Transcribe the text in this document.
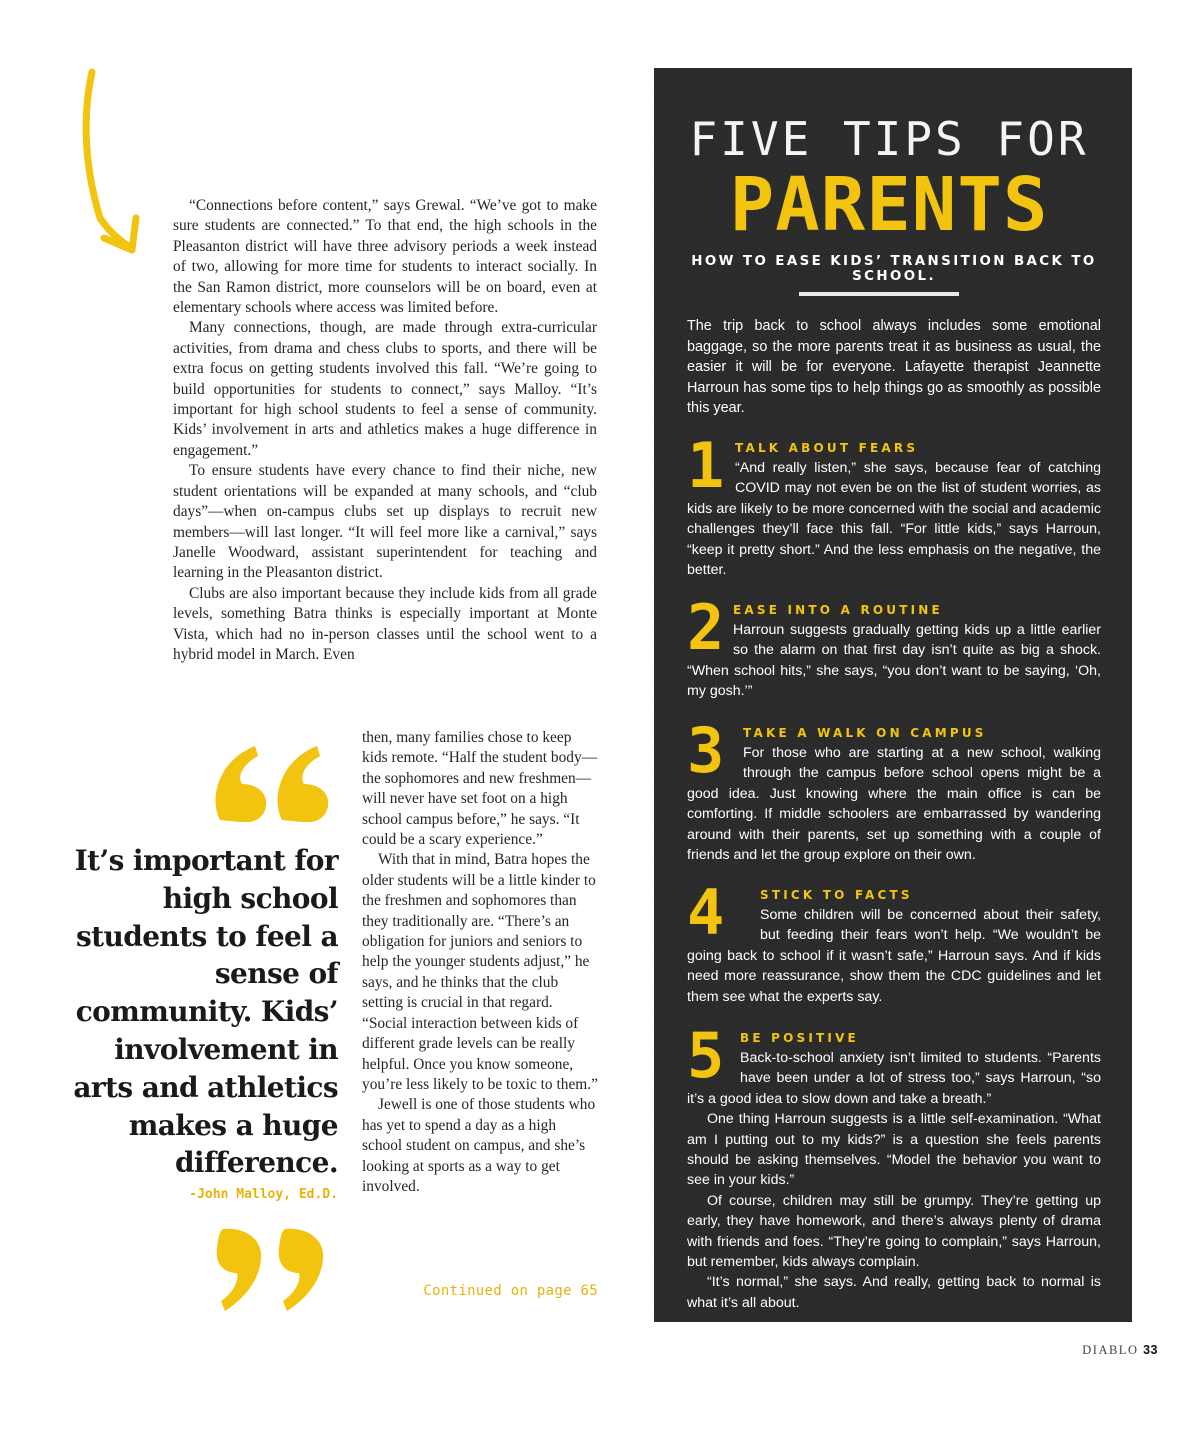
“Connections before content,” says Grewal. “We’ve got to make sure students are connected.” To that end, the high schools in the Pleasanton district will have three advisory periods a week instead of two, allowing for more time for students to interact socially. In the San Ramon district, more counselors will be on board, even at elementary schools where access was limited before.

Many connections, though, are made through extra-curricular activities, from drama and chess clubs to sports, and there will be extra focus on getting students involved this fall. “We’re going to build opportunities for students to connect,” says Malloy. “It’s important for high school students to feel a sense of community. Kids’ involvement in arts and athletics makes a huge difference in engagement.”

To ensure students have every chance to find their niche, new student orientations will be expanded at many schools, and “club days”—when on-campus clubs set up displays to recruit new members—will last longer. “It will feel more like a carnival,” says Janelle Woodward, assistant superintendent for teaching and learning in the Pleasanton district.

Clubs are also important because they include kids from all grade levels, something Batra thinks is especially important at Monte Vista, which had no in-person classes until the school went to a hybrid model in March. Even

then, many families chose to keep kids remote. “Half the student body—the sophomores and new freshmen—will never have set foot on a high school campus before,” he says. “It could be a scary experience.”

With that in mind, Batra hopes the older students will be a little kinder to the freshmen and sophomores than they traditionally are. “There’s an obligation for juniors and seniors to help the younger students adjust,” he says, and he thinks that the club setting is crucial in that regard. “Social interaction between kids of different grade levels can be really helpful. Once you know someone, you’re less likely to be toxic to them.”

Jewell is one of those students who has yet to spend a day as a high school student on campus, and she’s looking at sports as a way to get involved.

Continued on page 65
It’s important for high school students to feel a sense of community. Kids’ involvement in arts and athletics makes a huge difference.
-John Malloy, Ed.D.
FIVE TIPS FOR
PARENTS
HOW TO EASE KIDS’ TRANSITION BACK TO SCHOOL.
The trip back to school always includes some emotional baggage, so the more parents treat it as business as usual, the easier it will be for everyone. Lafayette therapist Jeannette Harroun has some tips to help things go as smoothly as possible this year.
1 TALK ABOUT FEARS
“And really listen,” she says, because fear of catching COVID may not even be on the list of student worries, as kids are likely to be more concerned with the social and academic challenges they’ll face this fall. “For little kids,” says Harroun, “keep it pretty short.” And the less emphasis on the negative, the better.
2 EASE INTO A ROUTINE
Harroun suggests gradually getting kids up a little earlier so the alarm on that first day isn’t quite as big a shock. “When school hits,” she says, “you don’t want to be saying, ‘Oh, my gosh.’”
3	TAKE A WALK ON CAMPUS
For those who are starting at a new school, walking through the campus before school opens might be a good idea. Just knowing where the main office is can be comforting. If middle schoolers are embarrassed by wandering around with their parents, set up something with a couple of friends and let the group explore on their own.
4	STICK TO FACTS
Some children will be concerned about their safety, but feeding their fears won’t help. “We wouldn’t be going back to school if it wasn’t safe,” Harroun says. And if kids need more reassurance, show them the CDC guidelines and let them see what the experts say.
5	BE POSITIVE
Back-to-school anxiety isn’t limited to students. “Parents have been under a lot of stress too,” says Harroun, “so it’s a good idea to slow down and take a breath.”
One thing Harroun suggests is a little self-examination. “What am I putting out to my kids?” is a question she feels parents should be asking themselves. “Model the behavior you want to see in your kids.”
Of course, children may still be grumpy. They’re getting up early, they have homework, and there’s always plenty of drama with friends and foes. “They’re going to complain,” says Harroun, but remember, kids always complain.
“It’s normal,” she says. And really, getting back to normal is what it’s all about.
DIABLO 33
